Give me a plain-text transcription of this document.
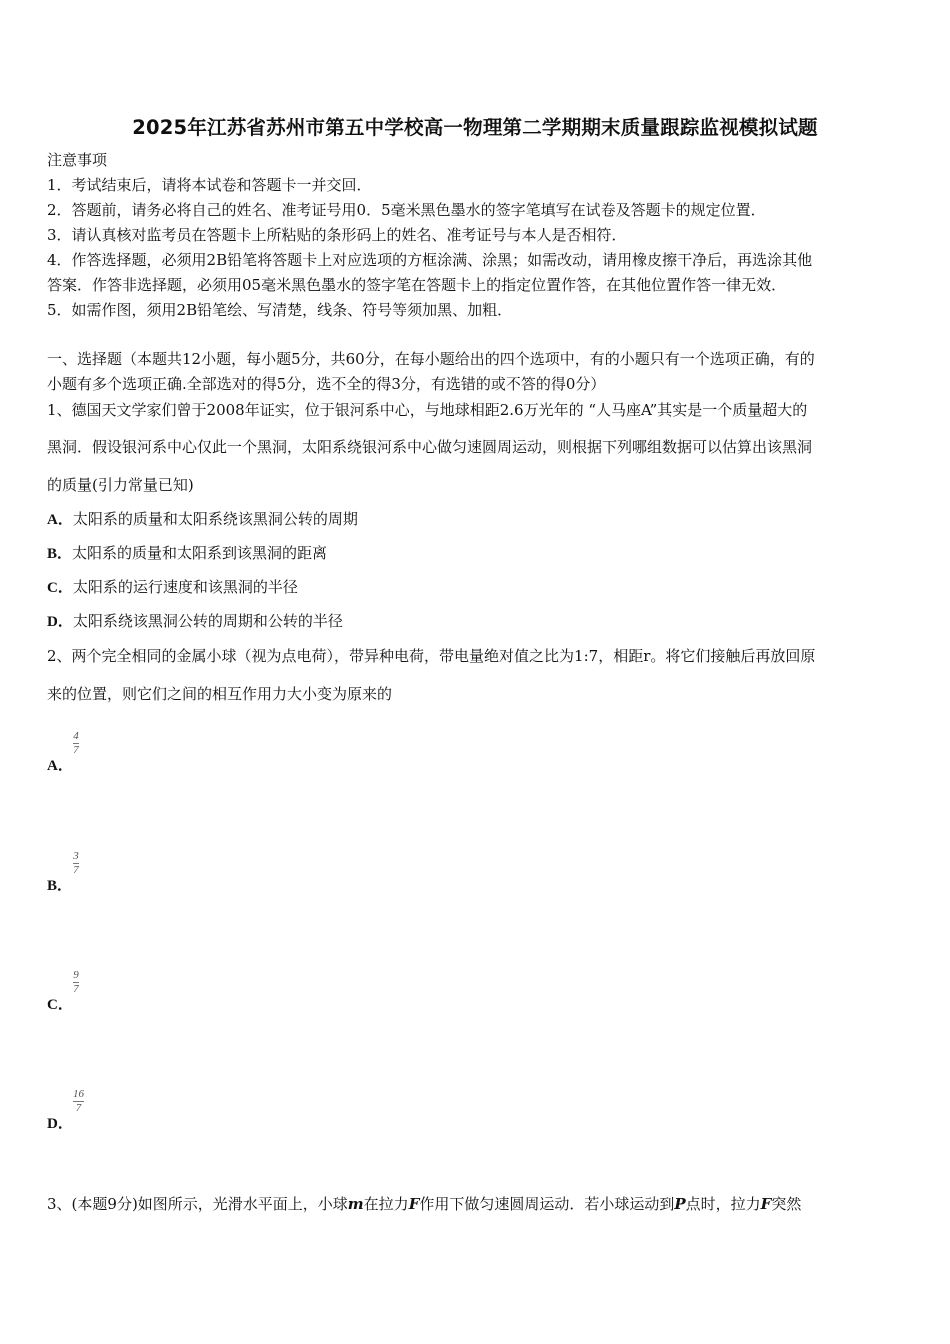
2025年江苏省苏州市第五中学校高一物理第二学期期末质量跟踪监视模拟试题
注意事项
1．考试结束后，请将本试卷和答题卡一并交回．
2．答题前，请务必将自己的姓名、准考证号用0．5毫米黑色墨水的签字笔填写在试卷及答题卡的规定位置．
3．请认真核对监考员在答题卡上所粘贴的条形码上的姓名、准考证号与本人是否相符．
4．作答选择题，必须用2B铅笔将答题卡上对应选项的方框涂满、涂黑；如需改动，请用橡皮擦干净后，再选涂其他
答案．作答非选择题，必须用05毫米黑色墨水的签字笔在答题卡上的指定位置作答，在其他位置作答一律无效．
5．如需作图，须用2B铅笔绘、写清楚，线条、符号等须加黑、加粗．
一、选择题（本题共12小题，每小题5分，共60分，在每小题给出的四个选项中，有的小题只有一个选项正确，有的
小题有多个选项正确.全部选对的得5分，选不全的得3分，有选错的或不答的得0分）
1、德国天文学家们曾于2008年证实，位于银河系中心，与地球相距2.6万光年的 “人马座A”其实是一个质量超大的
黑洞．假设银河系中心仅此一个黑洞，太阳系绕银河系中心做匀速圆周运动，则根据下列哪组数据可以估算出该黑洞
的质量(引力常量已知)
A．太阳系的质量和太阳系绕该黑洞公转的周期
B．太阳系的质量和太阳系到该黑洞的距离
C．太阳系的运行速度和该黑洞的半径
D．太阳系绕该黑洞公转的周期和公转的半径
2、两个完全相同的金属小球（视为点电荷），带异种电荷，带电量绝对值之比为1:7，相距r。将它们接触后再放回原
来的位置，则它们之间的相互作用力大小变为原来的
$\frac{4}{7}$
A．
$\frac{3}{7}$
B．
$\frac{9}{7}$
C．
$\frac{16}{7}$
D．
3、(本题9分)如图所示，光滑水平面上，小球m在拉力F作用下做匀速圆周运动．若小球运动到P点时，拉力F突然
